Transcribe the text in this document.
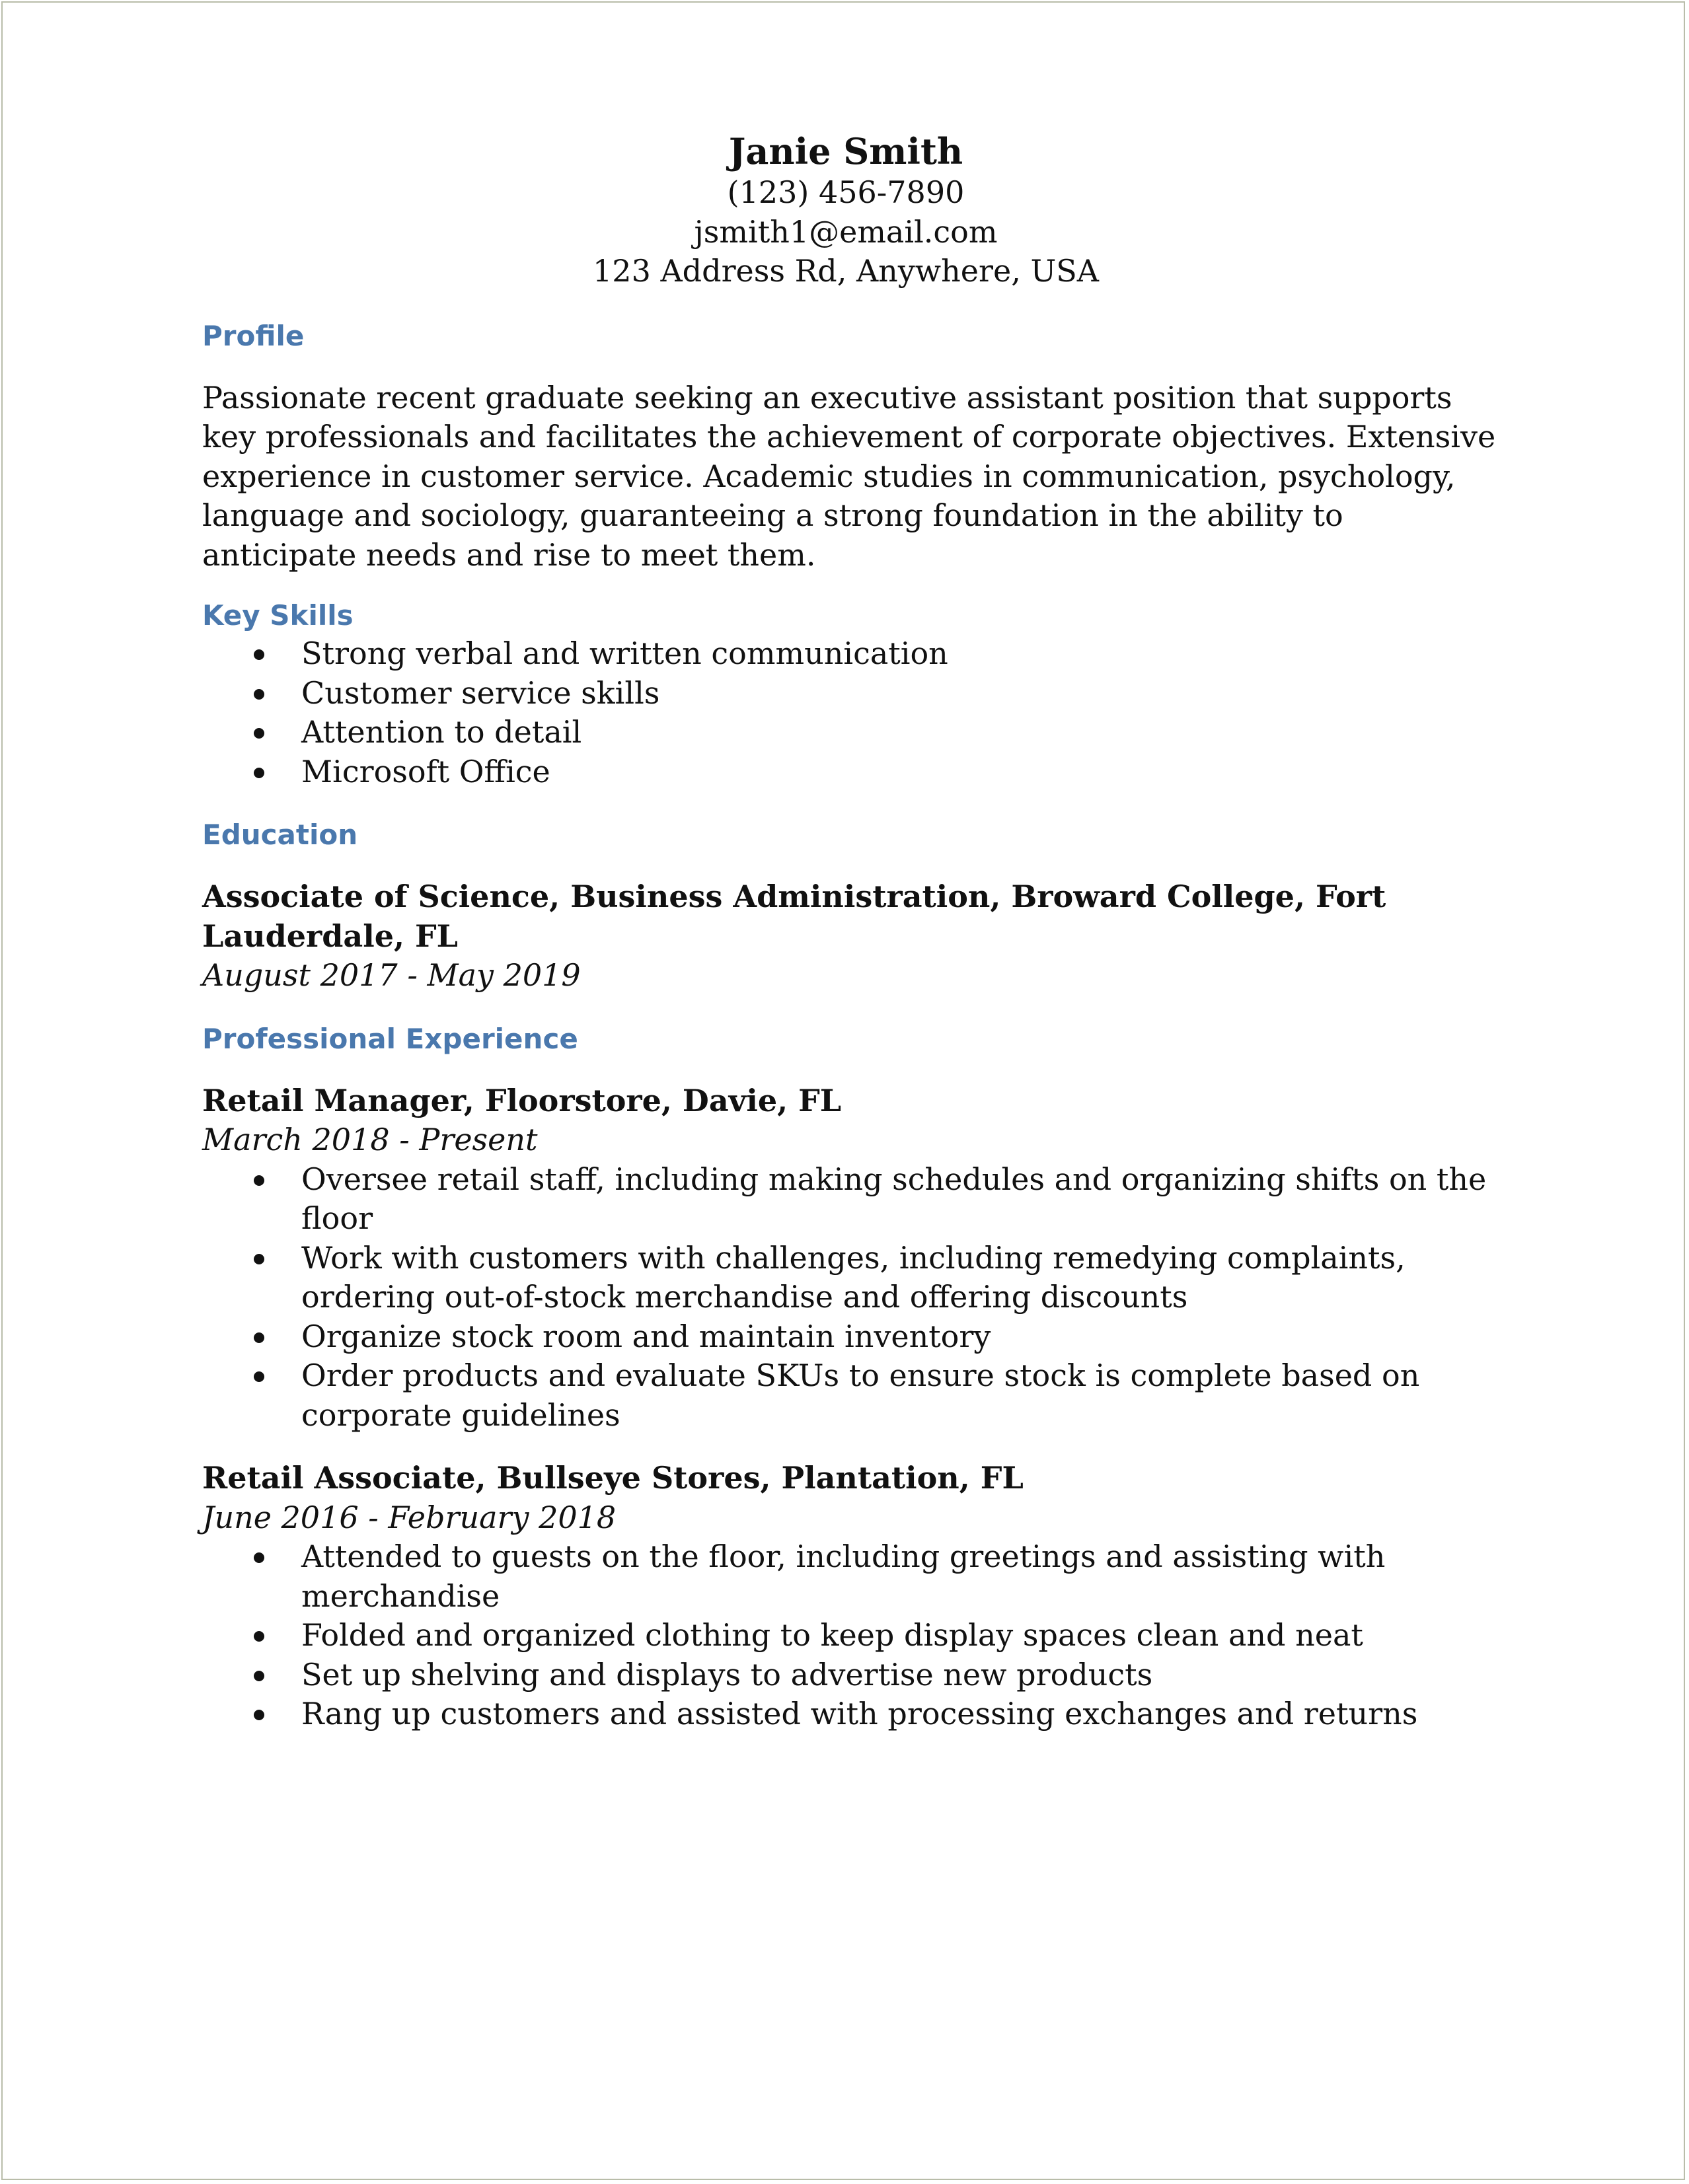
Janie Smith
(123) 456-7890
jsmith1@email.com
123 Address Rd, Anywhere, USA
Profile
Passionate recent graduate seeking an executive assistant position that supports key professionals and facilitates the achievement of corporate objectives. Extensive experience in customer service. Academic studies in communication, psychology, language and sociology, guaranteeing a strong foundation in the ability to anticipate needs and rise to meet them.
Key Skills
Strong verbal and written communication
Customer service skills
Attention to detail
Microsoft Office
Education
Associate of Science, Business Administration, Broward College, Fort Lauderdale, FL
August 2017 - May 2019
Professional Experience
Retail Manager, Floorstore, Davie, FL
March 2018 - Present
Oversee retail staff, including making schedules and organizing shifts on the floor
Work with customers with challenges, including remedying complaints, ordering out-of-stock merchandise and offering discounts
Organize stock room and maintain inventory
Order products and evaluate SKUs to ensure stock is complete based on corporate guidelines
Retail Associate, Bullseye Stores, Plantation, FL
June 2016 - February 2018
Attended to guests on the floor, including greetings and assisting with merchandise
Folded and organized clothing to keep display spaces clean and neat
Set up shelving and displays to advertise new products
Rang up customers and assisted with processing exchanges and returns
